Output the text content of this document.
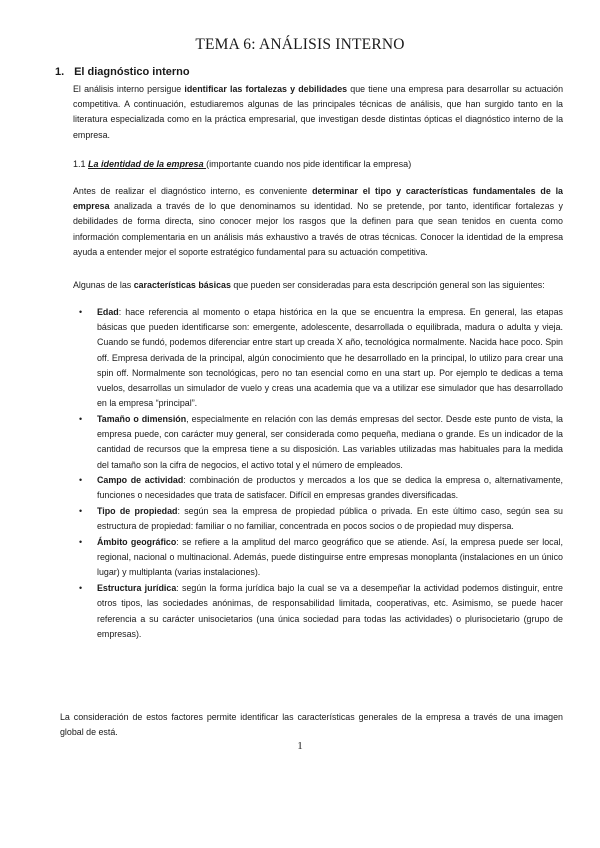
TEMA 6: ANÁLISIS INTERNO
1. El diagnóstico interno
El análisis interno persigue identificar las fortalezas y debilidades que tiene una empresa para desarrollar su actuación competitiva. A continuación, estudiaremos algunas de las principales técnicas de análisis, que han surgido tanto en la literatura especializada como en la práctica empresarial, que investigan desde distintas ópticas el diagnóstico interno de la empresa.
1.1 La identidad de la empresa (importante cuando nos pide identificar la empresa)
Antes de realizar el diagnóstico interno, es conveniente determinar el tipo y características fundamentales de la empresa analizada a través de lo que denominamos su identidad. No se pretende, por tanto, identificar fortalezas y debilidades de forma directa, sino conocer mejor los rasgos que la definen para que sean tenidos en cuenta como información complementaria en un análisis más exhaustivo a través de otras técnicas. Conocer la identidad de la empresa ayuda a entender mejor el soporte estratégico fundamental para su actuación competitiva.
Algunas de las características básicas que pueden ser consideradas para esta descripción general son las siguientes:
• Edad: hace referencia al momento o etapa histórica en la que se encuentra la empresa. En general, las etapas básicas que pueden identificarse son: emergente, adolescente, desarrollada o equilibrada, madura o adulta y vieja. Cuando se fundó, podemos diferenciar entre start up creada X año, tecnológica normalmente. Nacida hace poco. Spin off. Empresa derivada de la principal, algún conocimiento que he desarrollado en la principal, lo utilizo para crear una spin off. Normalmente son tecnológicas, pero no tan esencial como en una start up. Por ejemplo te dedicas a tema vuelos, desarrollas un simulador de vuelo y creas una academia que va a utilizar ese simulador que has desarrollado en la empresa “principal”.
• Tamaño o dimensión, especialmente en relación con las demás empresas del sector. Desde este punto de vista, la empresa puede, con carácter muy general, ser considerada como pequeña, mediana o grande. Es un indicador de la cantidad de recursos que la empresa tiene a su disposición. Las variables utilizadas mas habituales para la medida del tamaño son la cifra de negocios, el activo total y el número de empleados.
• Campo de actividad: combinación de productos y mercados a los que se dedica la empresa o, alternativamente, funciones o necesidades que trata de satisfacer. Difícil en empresas grandes diversificadas.
• Tipo de propiedad: según sea la empresa de propiedad pública o privada. En este último caso, según sea su estructura de propiedad: familiar o no familiar, concentrada en pocos socios o de propiedad muy dispersa.
• Ámbito geográfico: se refiere a la amplitud del marco geográfico que se atiende. Así, la empresa puede ser local, regional, nacional o multinacional. Además, puede distinguirse entre empresas monoplanta (instalaciones en un único lugar) y multiplanta (varias instalaciones).
• Estructura jurídica: según la forma jurídica bajo la cual se va a desempeñar la actividad podemos distinguir, entre otros tipos, las sociedades anónimas, de responsabilidad limitada, cooperativas, etc. Asimismo, se puede hacer referencia a su carácter unisocietarios (una única sociedad para todas las actividades) o plurisocietario (grupo de empresas).
La consideración de estos factores permite identificar las características generales de la empresa a través de una imagen global de está.
1
